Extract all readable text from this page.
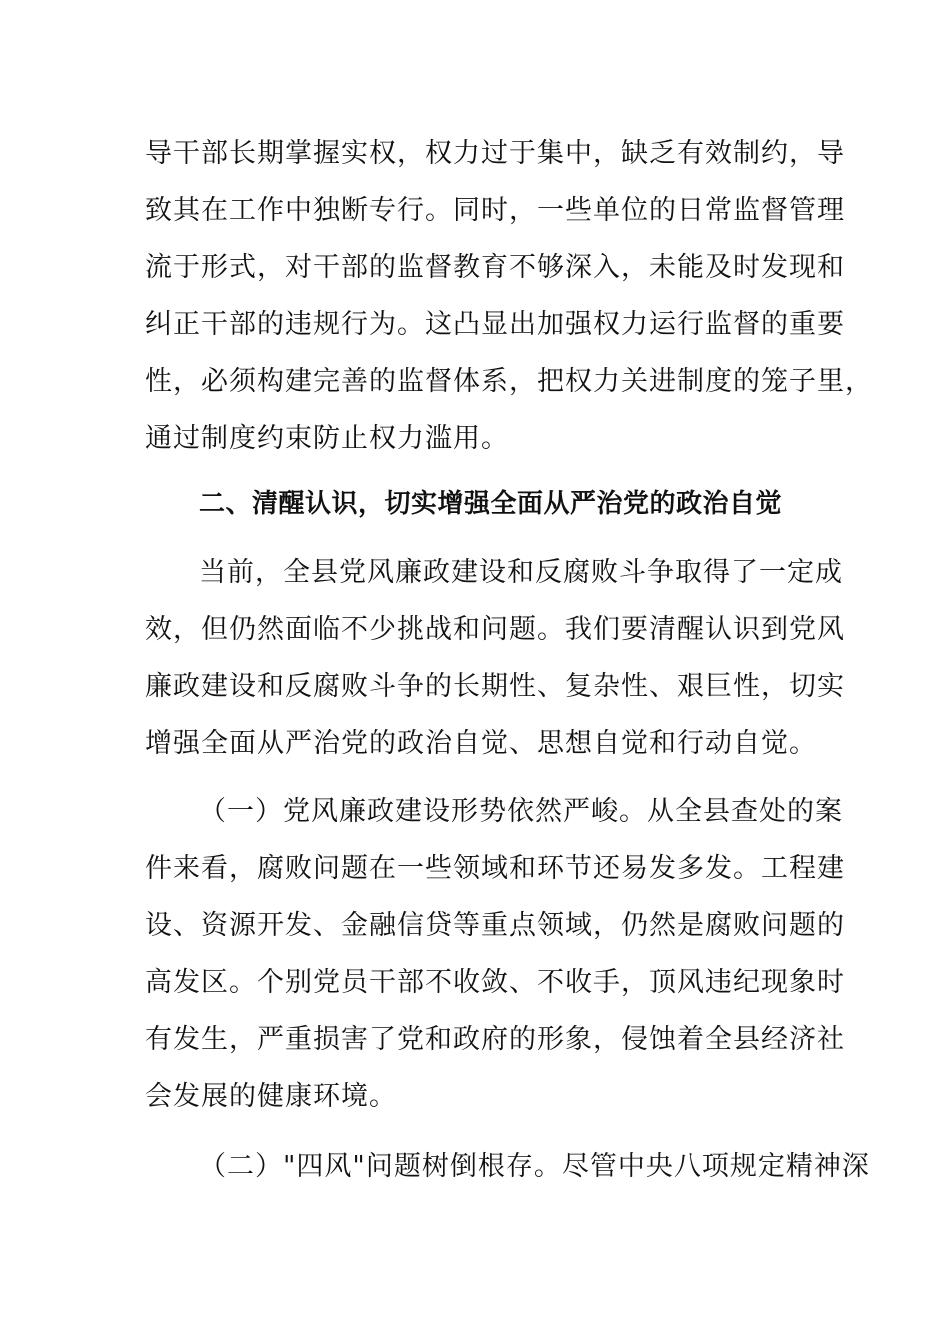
导干部长期掌握实权，权力过于集中，缺乏有效制约，导
致其在工作中独断专行。同时，一些单位的日常监督管理
流于形式，对干部的监督教育不够深入，未能及时发现和
纠正干部的违规行为。这凸显出加强权力运行监督的重要
性，必须构建完善的监督体系，把权力关进制度的笼子里，
通过制度约束防止权力滥用。
二、清醒认识，切实增强全面从严治党的政治自觉
当前，全县党风廉政建设和反腐败斗争取得了一定成
效，但仍然面临不少挑战和问题。我们要清醒认识到党风
廉政建设和反腐败斗争的长期性、复杂性、艰巨性，切实
增强全面从严治党的政治自觉、思想自觉和行动自觉。
（一）党风廉政建设形势依然严峻。从全县查处的案
件来看，腐败问题在一些领域和环节还易发多发。工程建
设、资源开发、金融信贷等重点领域，仍然是腐败问题的
高发区。个别党员干部不收敛、不收手，顶风违纪现象时
有发生，严重损害了党和政府的形象，侵蚀着全县经济社
会发展的健康环境。
（二）"四风"问题树倒根存。尽管中央八项规定精神深
